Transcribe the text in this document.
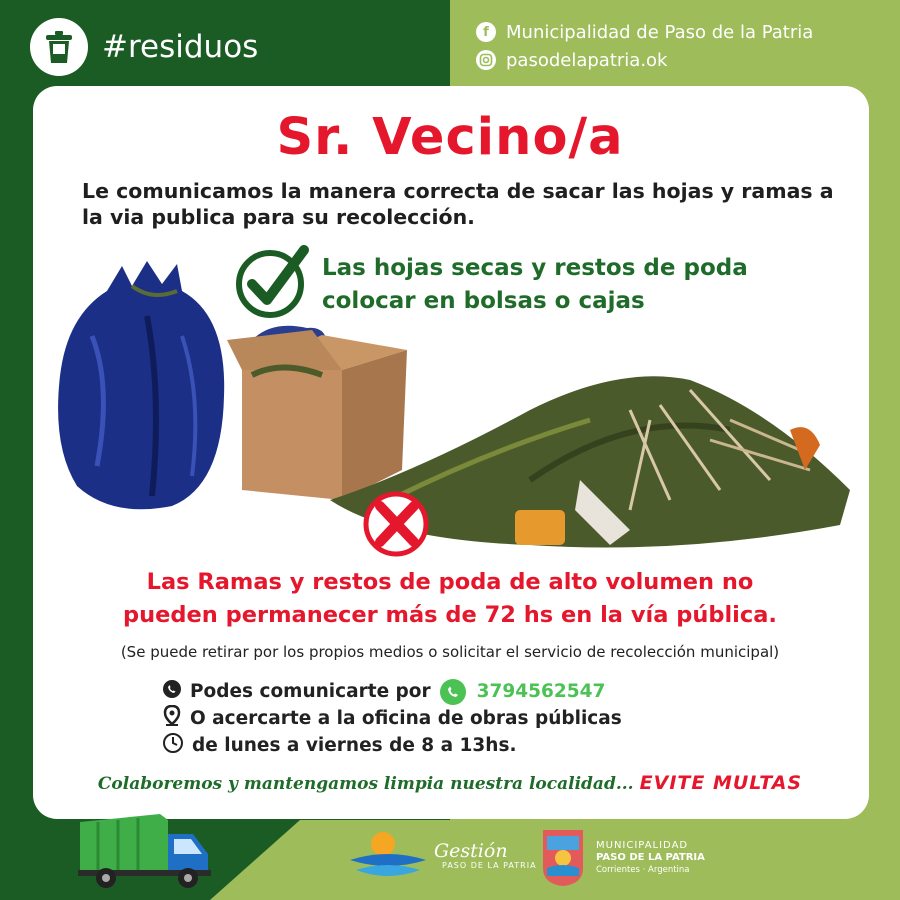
#residuos	f Municipalidad de Paso de la Patria
pasodelapatria.ok
Sr. Vecino/a
Le comunicamos la manera correcta de sacar las hojas y ramas a la via publica para su recolección.
Las hojas secas y restos de poda
colocar en bolsas o cajas
Las Ramas y restos de poda de alto volumen no
pueden permanecer más de 72 hs en la vía pública.
(Se puede retirar por los propios medios o solicitar el servicio de recolección municipal)
Podes comunicarte por 3794562547
O acercarte a la oficina de obras públicas
de lunes a viernes de 8 a 13hs.
Colaboremos y mantengamos limpia nuestra localidad... EVITE MULTAS
Gestión
PASO DE LA PATRIA
MUNICIPALIDAD
PASO DE LA PATRIA
Corrientes · Argentina
